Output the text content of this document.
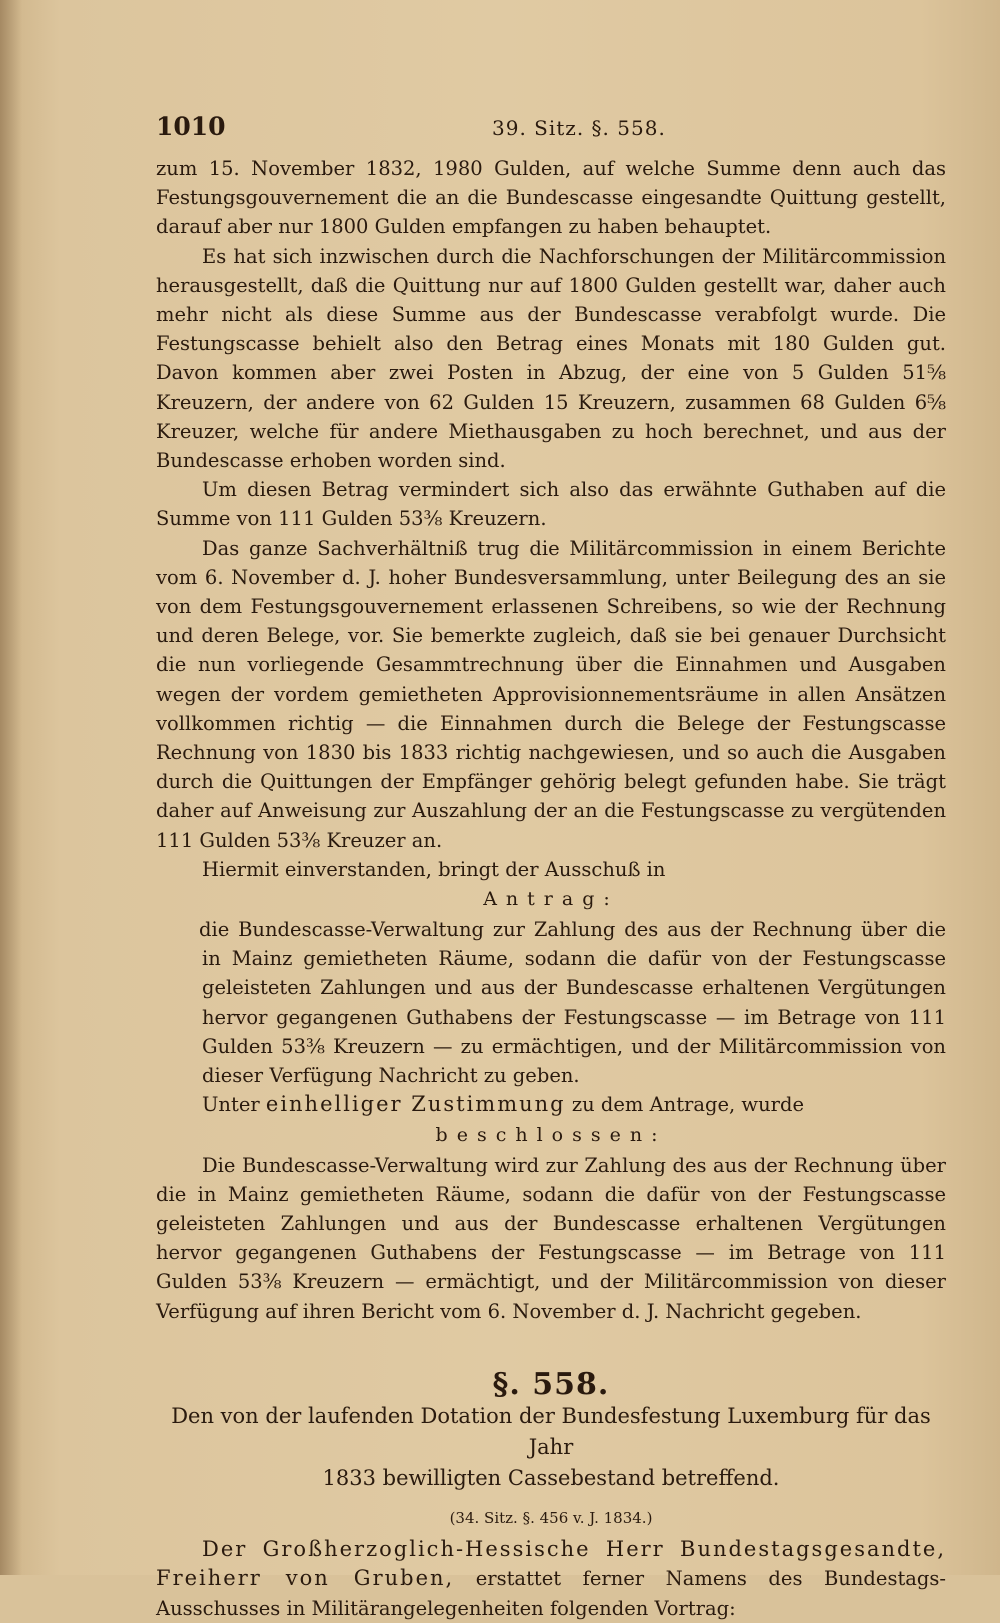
1010	39. Sitz. §. 558.

zum 15. November 1832, 1980 Gulden, auf welche Summe denn auch das Festungsgouvernement die an die Bundescasse eingesandte Quittung gestellt, darauf aber nur 1800 Gulden empfangen zu haben behauptet.

Es hat sich inzwischen durch die Nachforschungen der Militärcommission herausgestellt, daß die Quittung nur auf 1800 Gulden gestellt war, daher auch mehr nicht als diese Summe aus der Bundescasse verabfolgt wurde. Die Festungscasse behielt also den Betrag eines Monats mit 180 Gulden gut. Davon kommen aber zwei Posten in Abzug, der eine von 5 Gulden 51⅝ Kreuzern, der andere von 62 Gulden 15 Kreuzern, zusammen 68 Gulden 6⅝ Kreuzer, welche für andere Miethausgaben zu hoch berechnet, und aus der Bundescasse erhoben worden sind.

Um diesen Betrag vermindert sich also das erwähnte Guthaben auf die Summe von 111 Gulden 53⅜ Kreuzern.

Das ganze Sachverhältniß trug die Militärcommission in einem Berichte vom 6. November d. J. hoher Bundesversammlung, unter Beilegung des an sie von dem Festungsgouvernement erlassenen Schreibens, so wie der Rechnung und deren Belege, vor. Sie bemerkte zugleich, daß sie bei genauer Durchsicht die nun vorliegende Gesammtrechnung über die Einnahmen und Ausgaben wegen der vordem gemietheten Approvisionnementsräume in allen Ansätzen vollkommen richtig — die Einnahmen durch die Belege der Festungscasse Rechnung von 1830 bis 1833 richtig nachgewiesen, und so auch die Ausgaben durch die Quittungen der Empfänger gehörig belegt gefunden habe. Sie trägt daher auf Anweisung zur Auszahlung der an die Festungscasse zu vergütenden 111 Gulden 53⅜ Kreuzer an.

Hiermit einverstanden, bringt der Ausschuß in

Antrag:

die Bundescasse-Verwaltung zur Zahlung des aus der Rechnung über die in Mainz gemietheten Räume, sodann die dafür von der Festungscasse geleisteten Zahlungen und aus der Bundescasse erhaltenen Vergütungen hervor gegangenen Guthabens der Festungscasse — im Betrage von 111 Gulden 53⅜ Kreuzern — zu ermächtigen, und der Militärcommission von dieser Verfügung Nachricht zu geben.

Unter einhelliger Zustimmung zu dem Antrage, wurde

beschlossen:

Die Bundescasse-Verwaltung wird zur Zahlung des aus der Rechnung über die in Mainz gemietheten Räume, sodann die dafür von der Festungscasse geleisteten Zahlungen und aus der Bundescasse erhaltenen Vergütungen hervor gegangenen Guthabens der Festungscasse — im Betrage von 111 Gulden 53⅜ Kreuzern — ermächtigt, und der Militärcommission von dieser Verfügung auf ihren Bericht vom 6. November d. J. Nachricht gegeben.

§. 558.
Den von der laufenden Dotation der Bundesfestung Luxemburg für das Jahr
1833 bewilligten Cassebestand betreffend.
(34. Sitz. §. 456 v. J. 1834.)

Der Großherzoglich-Hessische Herr Bundestagsgesandte, Freiherr von Gruben, erstattet ferner Namens des Bundestags-Ausschusses in Militärangelegenheiten folgenden Vortrag:
